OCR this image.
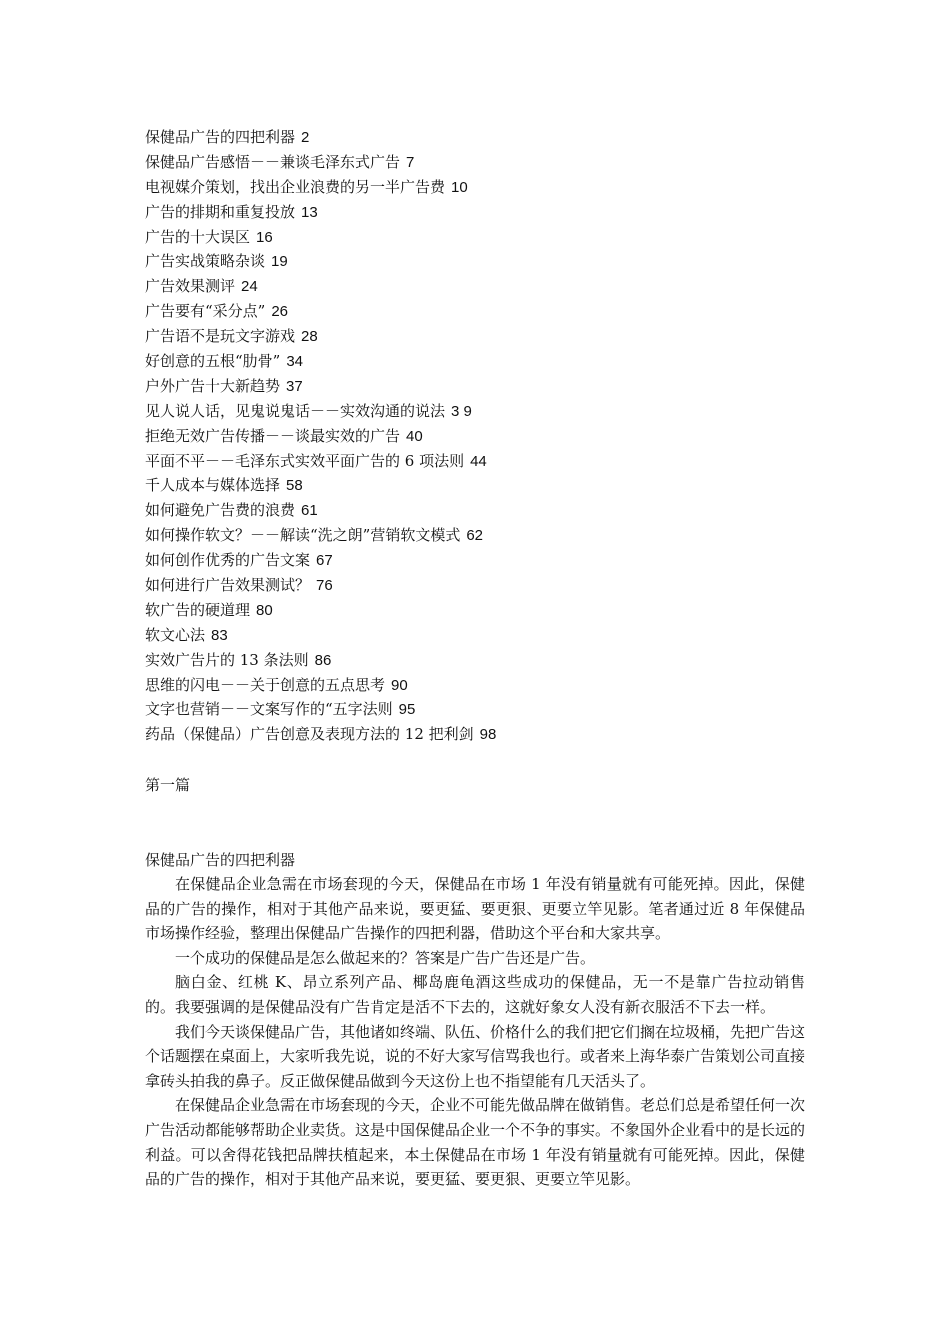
保健品广告的四把利器 2
保健品广告感悟－－兼谈毛泽东式广告 7
电视媒介策划，找出企业浪费的另一半广告费 10
广告的排期和重复投放 13
广告的十大误区 16
广告实战策略杂谈 19
广告效果测评 24
广告要有“采分点” 26
广告语不是玩文字游戏 28
好创意的五根“肋骨” 34
户外广告十大新趋势 37
见人说人话，见鬼说鬼话－－实效沟通的说法 3 9
拒绝无效广告传播－－谈最实效的广告 40
平面不平－－毛泽东式实效平面广告的 6 项法则 44
千人成本与媒体选择 58
如何避免广告费的浪费 61
如何操作软文？－－解读“洗之朗”营销软文模式 62
如何创作优秀的广告文案 67
如何进行广告效果测试？ 76
软广告的硬道理 80
软文心法 83
实效广告片的 13 条法则 86
思维的闪电－－关于创意的五点思考 90
文字也营销－－文案写作的“五字法则 95
药品（保健品）广告创意及表现方法的 12 把利剑 98
第一篇
保健品广告的四把利器

在保健品企业急需在市场套现的今天，保健品在市场 1 年没有销量就有可能死掉。因此，保健品的广告的操作，相对于其他产品来说，要更猛、要更狠、更要立竿见影。笔者通过近 8 年保健品市场操作经验，整理出保健品广告操作的四把利器，借助这个平台和大家共享。

一个成功的保健品是怎么做起来的？答案是广告广告还是广告。

脑白金、红桃 K、昂立系列产品、椰岛鹿龟酒这些成功的保健品，无一不是靠广告拉动销售的。我要强调的是保健品没有广告肯定是活不下去的，这就好象女人没有新衣服活不下去一样。

我们今天谈保健品广告，其他诸如终端、队伍、价格什么的我们把它们搁在垃圾桶，先把广告这个话题摆在桌面上，大家听我先说，说的不好大家写信骂我也行。或者来上海华泰广告策划公司直接拿砖头拍我的鼻子。反正做保健品做到今天这份上也不指望能有几天活头了。

在保健品企业急需在市场套现的今天，企业不可能先做品牌在做销售。老总们总是希望任何一次广告活动都能够帮助企业卖货。这是中国保健品企业一个不争的事实。不象国外企业看中的是长远的利益。可以舍得花钱把品牌扶植起来，本土保健品在市场 1 年没有销量就有可能死掉。因此，保健品的广告的操作，相对于其他产品来说，要更猛、要更狠、更要立竿见影。
